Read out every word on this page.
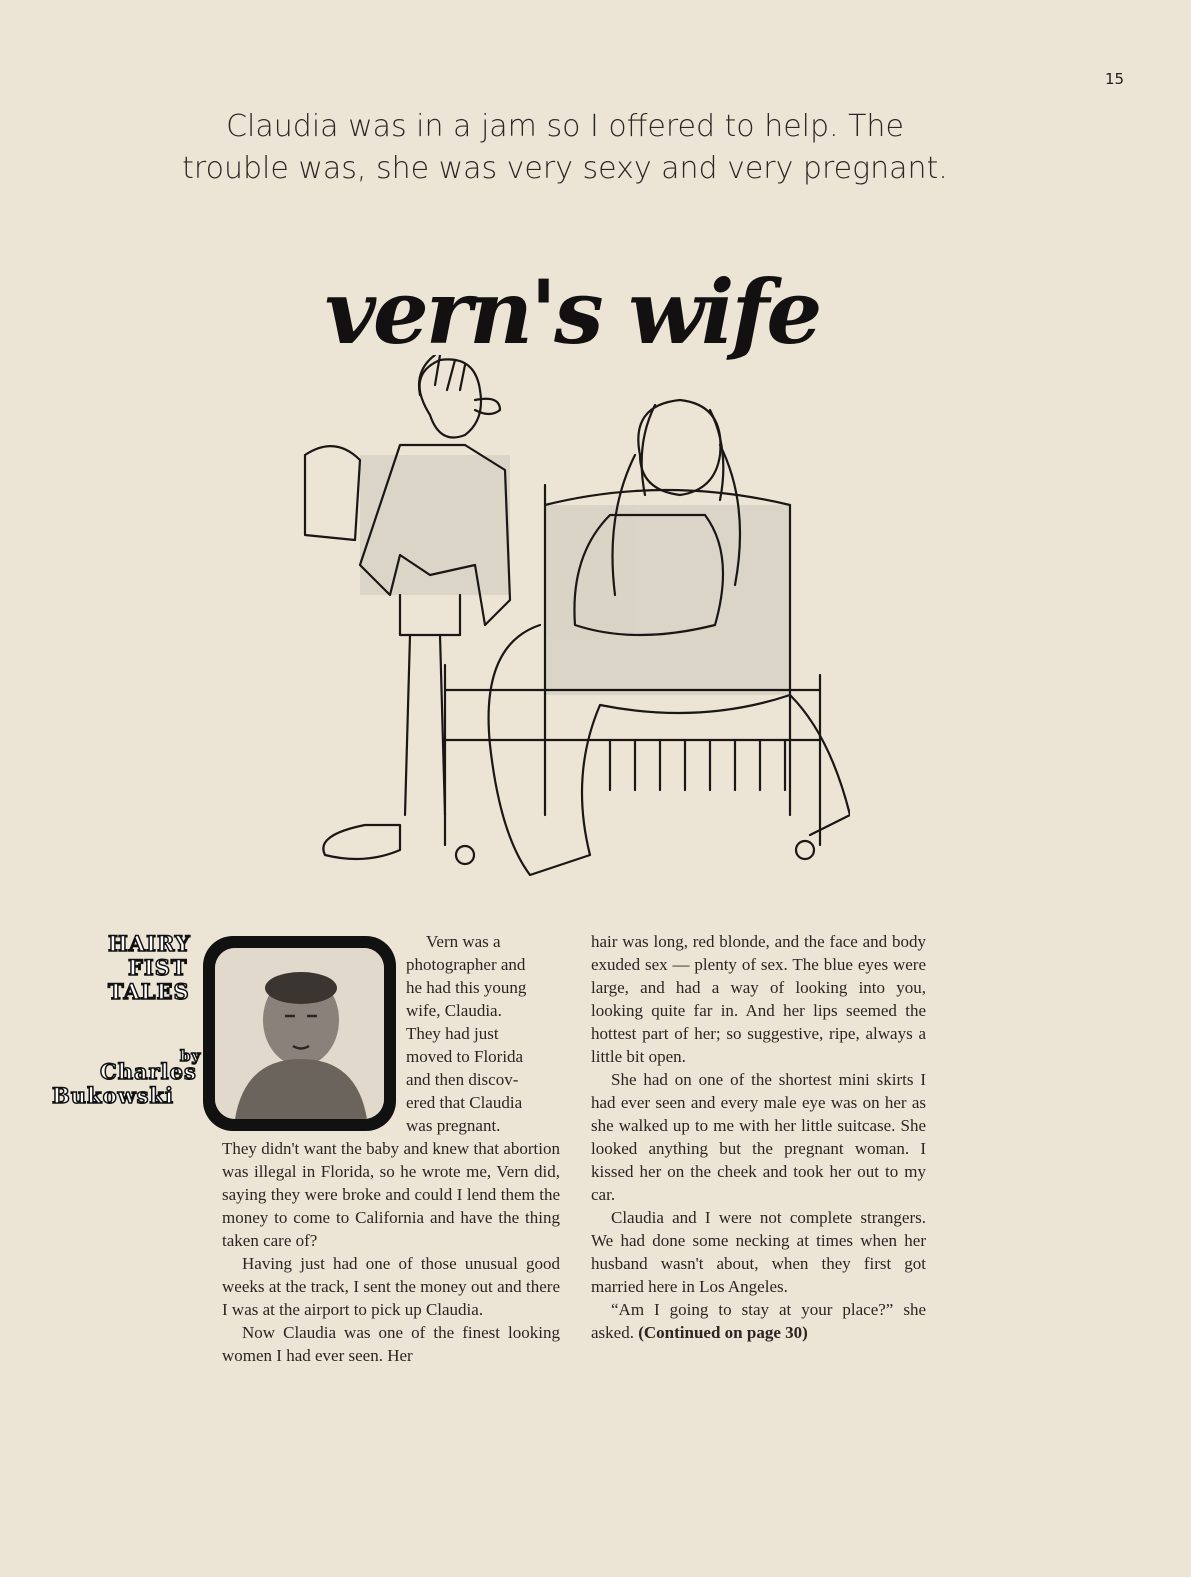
15
Claudia was in a jam so I offered to help. The
trouble was, she was very sexy and very pregnant.
vern's wife
HAIRY
FIST
TALES
by
Charles
Bukowski
Vern was a
photographer and
he had this young
wife, Claudia.
They had just
moved to Florida
and then discov-
ered that Claudia
was pregnant.

They didn't want the baby and knew that abortion was illegal in Florida, so he wrote me, Vern did, saying they were broke and could I lend them the money to come to California and have the thing taken care of?

Having just had one of those unusual good weeks at the track, I sent the money out and there I was at the airport to pick up Claudia.

Now Claudia was one of the finest looking women I had ever seen. Her

hair was long, red blonde, and the face and body exuded sex — plenty of sex. The blue eyes were large, and had a way of looking into you, looking quite far in. And her lips seemed the hottest part of her; so suggestive, ripe, always a little bit open.

She had on one of the shortest mini skirts I had ever seen and every male eye was on her as she walked up to me with her little suitcase. She looked anything but the pregnant woman. I kissed her on the cheek and took her out to my car.

Claudia and I were not complete strangers. We had done some necking at times when her husband wasn't about, when they first got married here in Los Angeles.

“Am I going to stay at your place?” she asked. (Continued on page 30)
